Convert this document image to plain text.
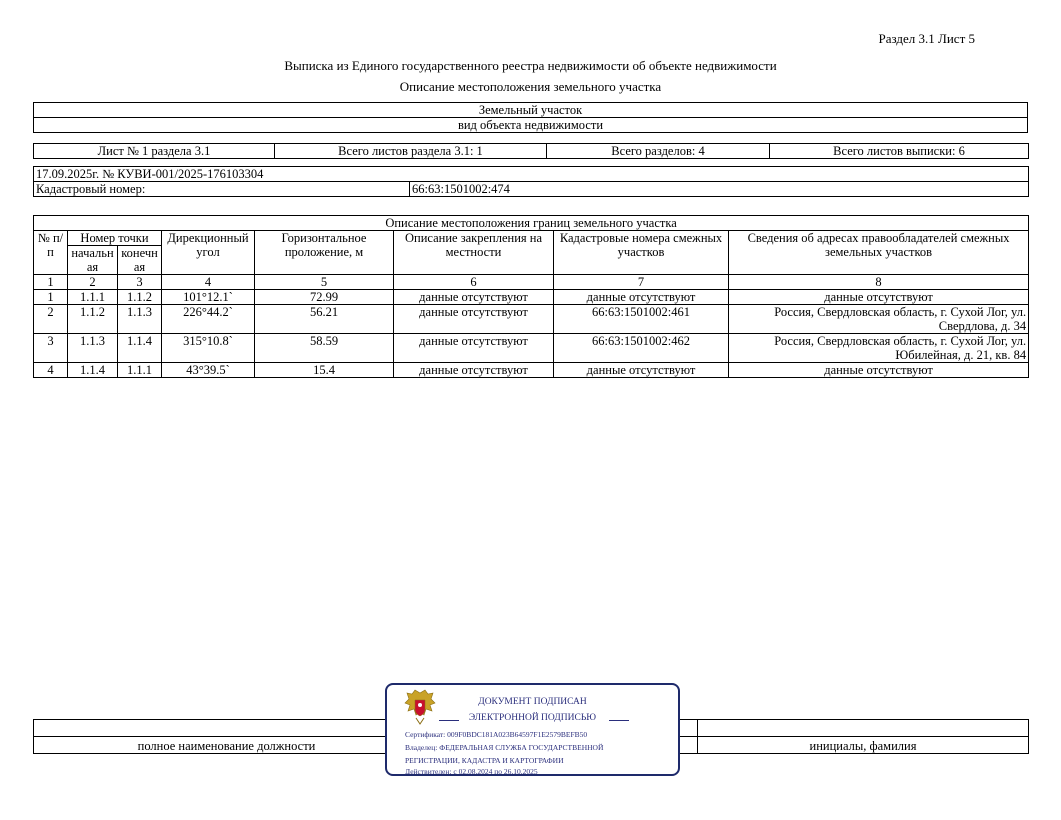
Раздел 3.1 Лист 5
Выписка из Единого государственного реестра недвижимости об объекте недвижимости
Описание местоположения земельного участка
Земельный участок
вид объекта недвижимости
Лист № 1 раздела 3.1	Всего листов раздела 3.1: 1	Всего разделов: 4	Всего листов выписки: 6
17.09.2025г. № КУВИ-001/2025-176103304
Кадастровый номер:	66:63:1501002:474
Описание местоположения границ земельного участка							
№ п/п	Номер точки		Дирекционный угол	Горизонтальное проложение, м	Описание закрепления на местности	Кадастровые номера смежных участков	Сведения об адресах правообладателей смежных земельных участков
	начальн ая	конечн ая					
1	2	3	4	5	6	7	8
1	1.1.1	1.1.2	101°12.1`	72.99	данные отсутствуют	данные отсутствуют	данные отсутствуют
2	1.1.2	1.1.3	226°44.2`	56.21	данные отсутствуют	66:63:1501002:461	Россия, Свердловская область, г. Сухой Лог, ул. Свердлова, д. 34
3	1.1.3	1.1.4	315°10.8`	58.59	данные отсутствуют	66:63:1501002:462	Россия, Свердловская область, г. Сухой Лог, ул. Юбилейная, д. 21, кв. 84
4	1.1.4	1.1.1	43°39.5`	15.4	данные отсутствуют	данные отсутствуют	данные отсутствуют

полное наименование должности		инициалы, фамилия
ДОКУМЕНТ ПОДПИСАН
ЭЛЕКТРОННОЙ ПОДПИСЬЮ
Сертификат: 009F0BDC181A023B64597F1E2579BEFB50
Владелец: ФЕДЕРАЛЬНАЯ СЛУЖБА ГОСУДАРСТВЕННОЙ
РЕГИСТРАЦИИ, КАДАСТРА И КАРТОГРАФИИ
Действителен: с 02.08.2024 по 26.10.2025
